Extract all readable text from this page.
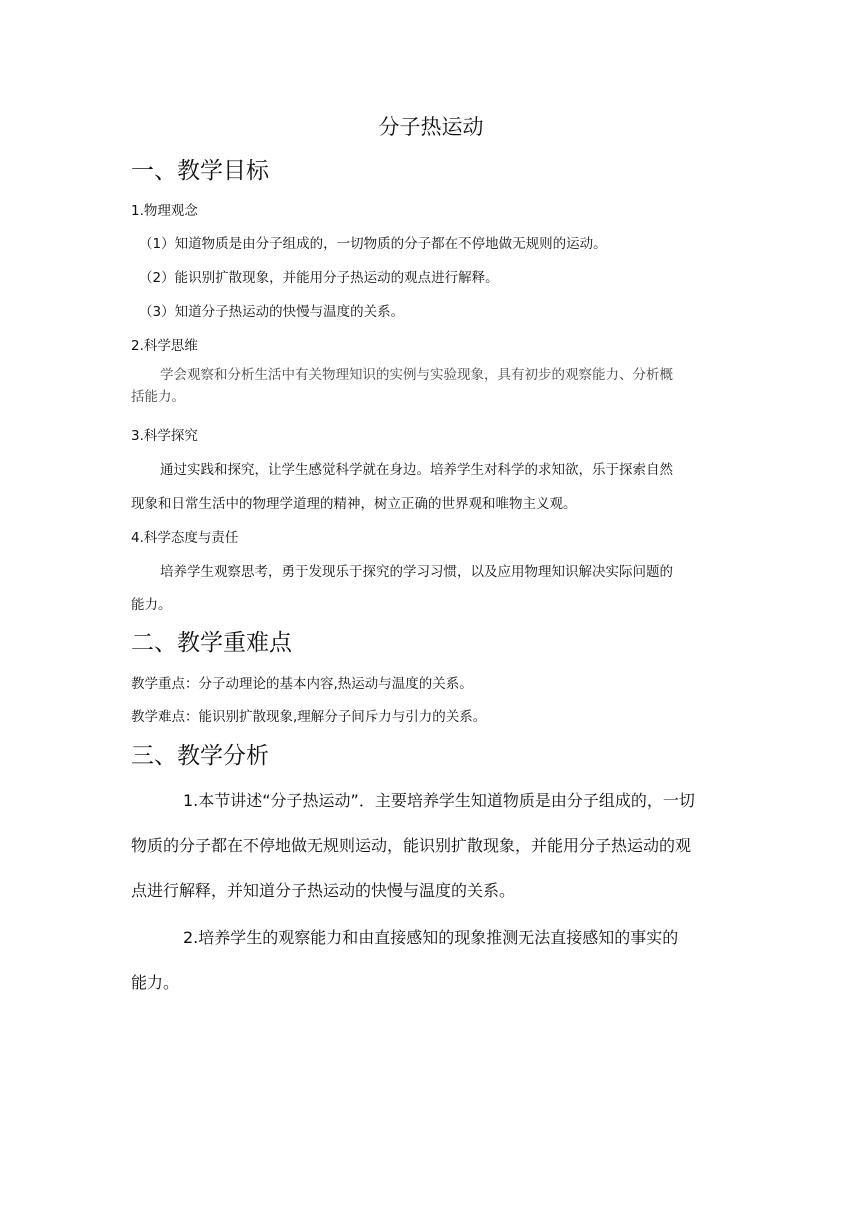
分子热运动
一、教学目标
1.物理观念
（1）知道物质是由分子组成的，一切物质的分子都在不停地做无规则的运动。
（2）能识别扩散现象，并能用分子热运动的观点进行解释。
（3）知道分子热运动的快慢与温度的关系。
2.科学思维
学会观察和分析生活中有关物理知识的实例与实验现象，具有初步的观察能力、分析概
括能力。
3.科学探究
通过实践和探究，让学生感觉科学就在身边。培养学生对科学的求知欲，乐于探索自然
现象和日常生活中的物理学道理的精神，树立正确的世界观和唯物主义观。
4.科学态度与责任
培养学生观察思考，勇于发现乐于探究的学习习惯，以及应用物理知识解决实际问题的
能力。
二、教学重难点
教学重点：分子动理论的基本内容,热运动与温度的关系。
教学难点：能识别扩散现象,理解分子间斥力与引力的关系。
三、教学分析
1.本节讲述“分子热运动”．主要培养学生知道物质是由分子组成的，一切
物质的分子都在不停地做无规则运动，能识别扩散现象，并能用分子热运动的观
点进行解释，并知道分子热运动的快慢与温度的关系。
2.培养学生的观察能力和由直接感知的现象推测无法直接感知的事实的
能力。
